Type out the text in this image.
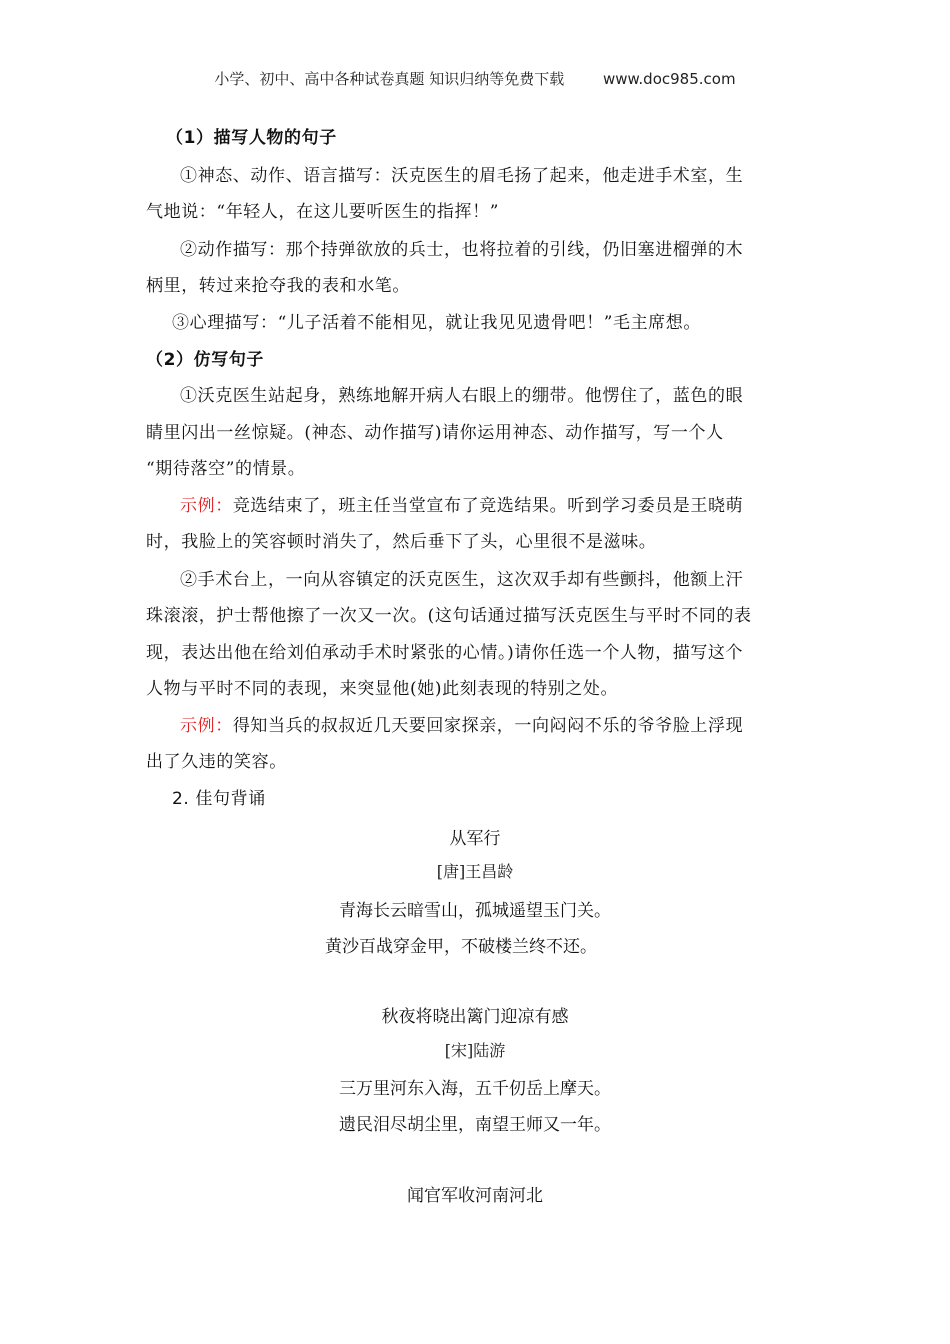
小学、初中、高中各种试卷真题 知识归纳等免费下载	www.doc985.com
（1）描写人物的句子
①神态、动作、语言描写：沃克医生的眉毛扬了起来，他走进手术室，生
气地说：“年轻人，在这儿要听医生的指挥！”
②动作描写：那个持弹欲放的兵士，也将拉着的引线，仍旧塞进榴弹的木
柄里，转过来抢夺我的表和水笔。
③心理描写：“儿子活着不能相见，就让我见见遗骨吧！”毛主席想。
（2）仿写句子
①沃克医生站起身，熟练地解开病人右眼上的绷带。他愣住了，蓝色的眼
睛里闪出一丝惊疑。(神态、动作描写)请你运用神态、动作描写，写一个人
“期待落空”的情景。
示例：竞选结束了，班主任当堂宣布了竞选结果。听到学习委员是王晓萌
时，我脸上的笑容顿时消失了，然后垂下了头，心里很不是滋味。
②手术台上，一向从容镇定的沃克医生，这次双手却有些颤抖，他额上汗
珠滚滚，护士帮他擦了一次又一次。(这句话通过描写沃克医生与平时不同的表
现，表达出他在给刘伯承动手术时紧张的心情。)请你任选一个人物，描写这个
人物与平时不同的表现，来突显他(她)此刻表现的特别之处。
示例：得知当兵的叔叔近几天要回家探亲，一向闷闷不乐的爷爷脸上浮现
出了久违的笑容。
2. 佳句背诵
从军行
[唐]王昌龄
青海长云暗雪山，孤城遥望玉门关。
黄沙百战穿金甲，不破楼兰终不还。
秋夜将晓出篱门迎凉有感
[宋]陆游
三万里河东入海，五千仞岳上摩天。
遗民泪尽胡尘里，南望王师又一年。
闻官军收河南河北
